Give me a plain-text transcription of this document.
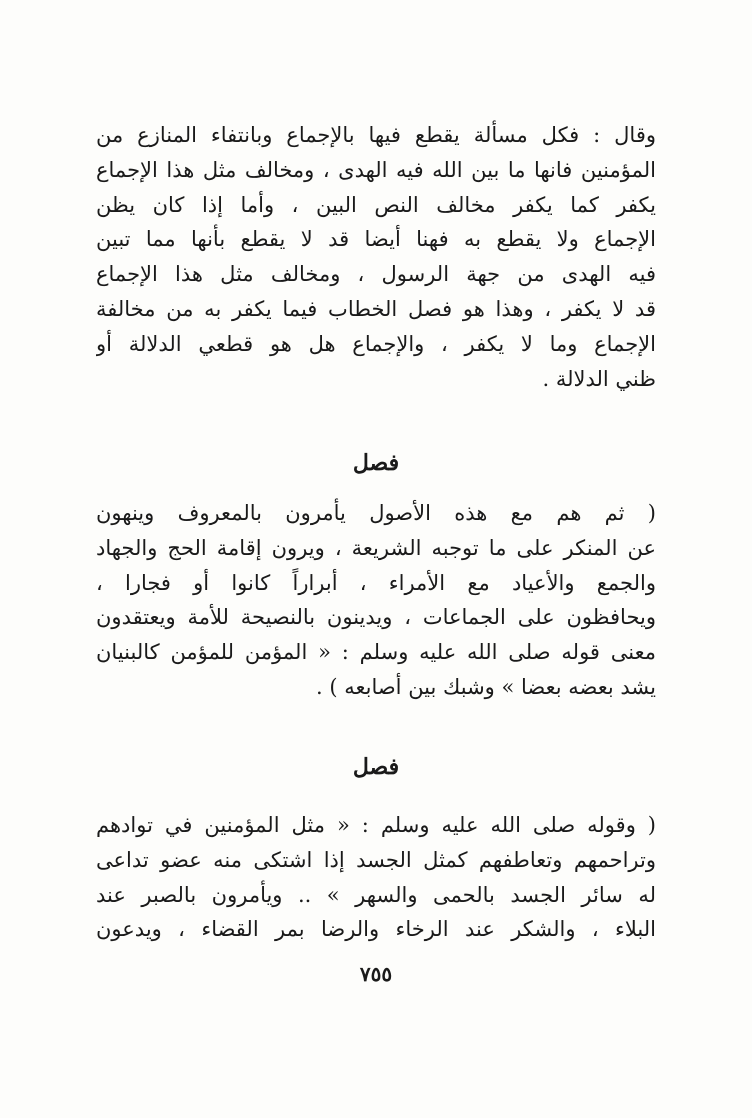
وقال : فكل مسألة يقطع فيها بالإجماع وبانتفاء المنازع من
المؤمنين فانها ما بين الله فيه الهدى ، ومخالف مثل هذا الإجماع
يكفر كما يكفر مخالف النص البين ، وأما إذا كان يظن
الإجماع ولا يقطع به فهنا أيضا قد لا يقطع بأنها مما تبين
فيه الهدى من جهة الرسول ، ومخالف مثل هذا الإجماع
قد لا يكفر ، وهذا هو فصل الخطاب فيما يكفر به من مخالفة
الإجماع وما لا يكفر ، والإجماع هل هو قطعي الدلالة أو
ظني الدلالة .
فصل
( ثم هم مع هذه الأصول يأمرون بالمعروف وينهون
عن المنكر على ما توجبه الشريعة ، ويرون إقامة الحج والجهاد
والجمع والأعياد مع الأمراء ، أبراراً كانوا أو فجارا ،
ويحافظون على الجماعات ، ويدينون بالنصيحة للأمة ويعتقدون
معنى قوله صلى الله عليه وسلم : « المؤمن للمؤمن كالبنيان
يشد بعضه بعضا » وشبك بين أصابعه ) .
فصل
( وقوله صلى الله عليه وسلم : « مثل المؤمنين في توادهم
وتراحمهم وتعاطفهم كمثل الجسد إذا اشتكى منه عضو تداعى
له سائر الجسد بالحمى والسهر » .. ويأمرون بالصبر عند
البلاء ، والشكر عند الرخاء والرضا بمر القضاء ، ويدعون
٧٥٥
